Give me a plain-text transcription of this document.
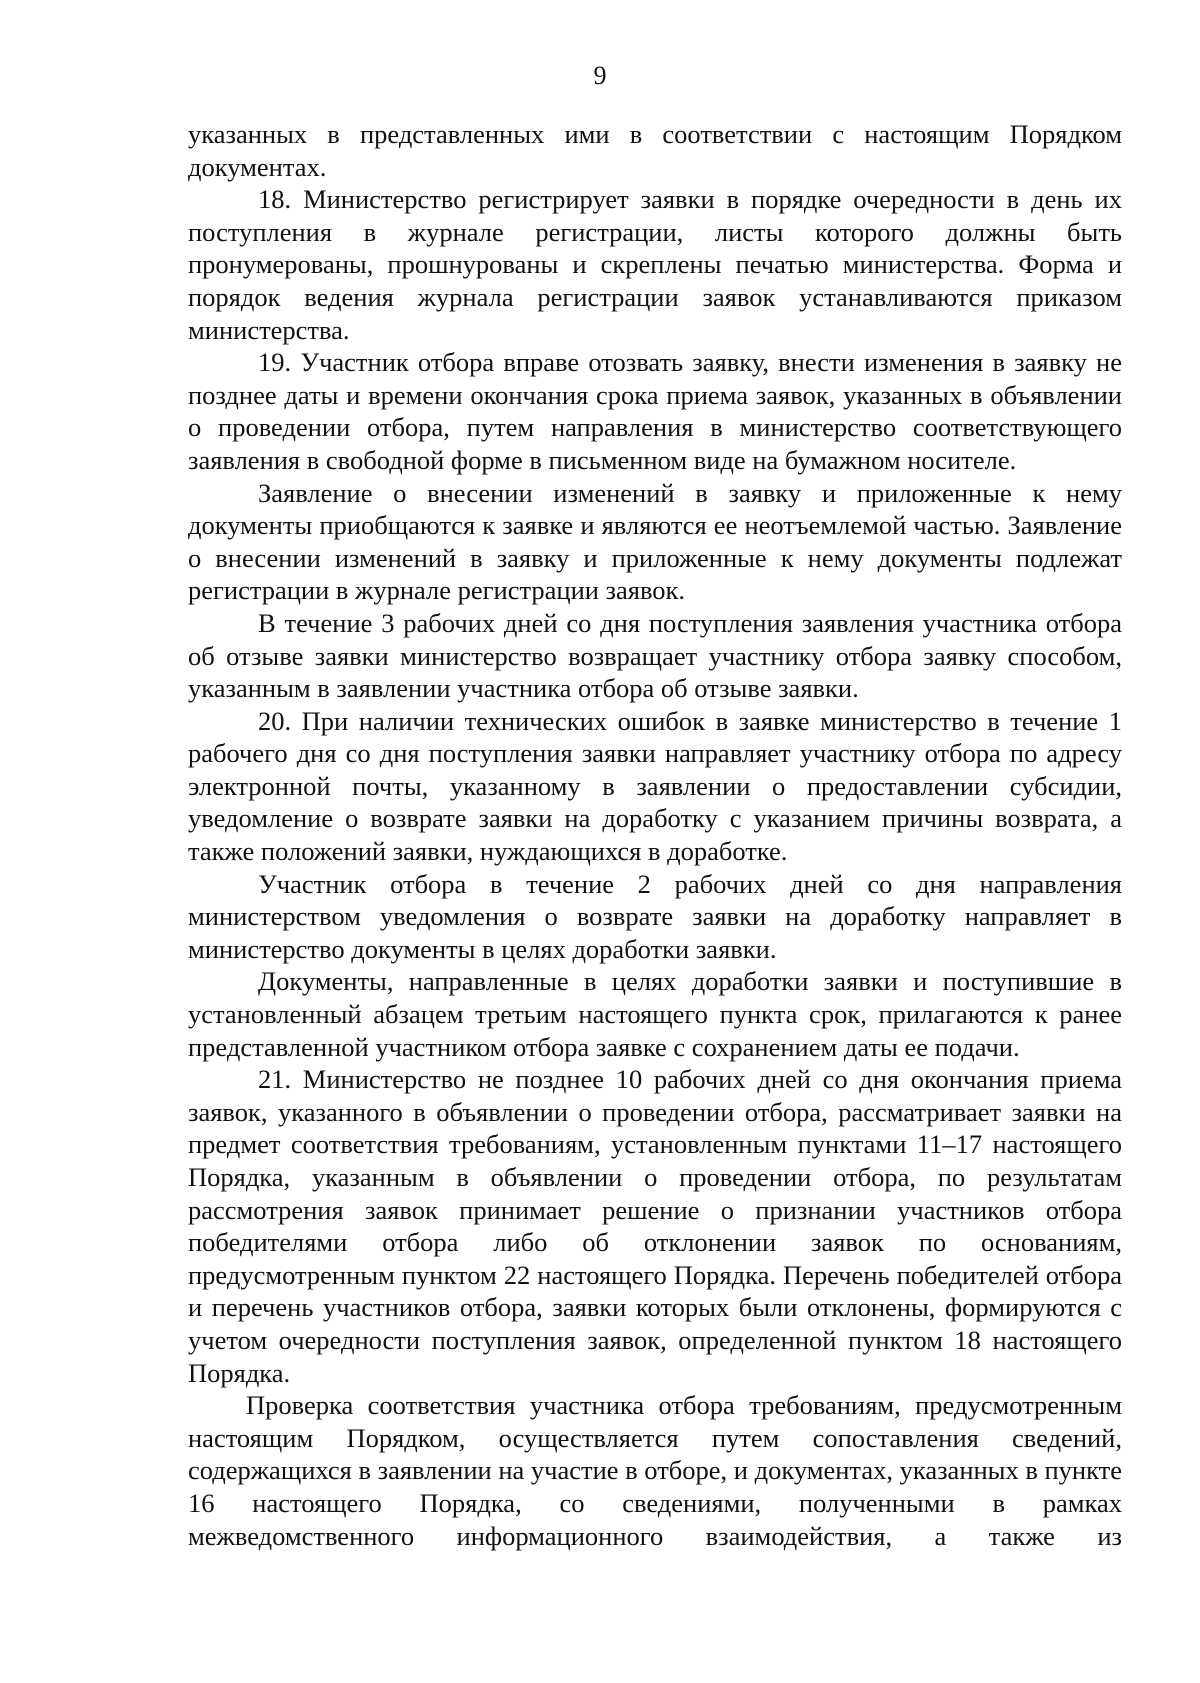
9

указанных в представленных ими в соответствии с настоящим Порядком документах.

18. Министерство регистрирует заявки в порядке очередности в день их поступления в журнале регистрации, листы которого должны быть пронумерованы, прошнурованы и скреплены печатью министерства. Форма и порядок ведения журнала регистрации заявок устанавливаются приказом министерства.

19. Участник отбора вправе отозвать заявку, внести изменения в заявку не позднее даты и времени окончания срока приема заявок, указанных в объявлении о проведении отбора, путем направления в министерство соответствующего заявления в свободной форме в письменном виде на бумажном носителе.

Заявление о внесении изменений в заявку и приложенные к нему документы приобщаются к заявке и являются ее неотъемлемой частью. Заявление о внесении изменений в заявку и приложенные к нему документы подлежат регистрации в журнале регистрации заявок.

В течение 3 рабочих дней со дня поступления заявления участника отбора об отзыве заявки министерство возвращает участнику отбора заявку способом, указанным в заявлении участника отбора об отзыве заявки.

20. При наличии технических ошибок в заявке министерство в течение 1 рабочего дня со дня поступления заявки направляет участнику отбора по адресу электронной почты, указанному в заявлении о предоставлении субсидии, уведомление о возврате заявки на доработку с указанием причины возврата, а также положений заявки, нуждающихся в доработке.

Участник отбора в течение 2 рабочих дней со дня направления министерством уведомления о возврате заявки на доработку направляет в министерство документы в целях доработки заявки.

Документы, направленные в целях доработки заявки и поступившие в установленный абзацем третьим настоящего пункта срок, прилагаются к ранее представленной участником отбора заявке с сохранением даты ее подачи.

21. Министерство не позднее 10 рабочих дней со дня окончания приема заявок, указанного в объявлении о проведении отбора, рассматривает заявки на предмет соответствия требованиям, установленным пунктами 11–17 настоящего Порядка, указанным в объявлении о проведении отбора, по результатам рассмотрения заявок принимает решение о признании участников отбора победителями отбора либо об отклонении заявок по основаниям, предусмотренным пунктом 22 настоящего Порядка. Перечень победителей отбора и перечень участников отбора, заявки которых были отклонены, формируются с учетом очередности поступления заявок, определенной пунктом 18 настоящего Порядка.

Проверка соответствия участника отбора требованиям, предусмотренным настоящим Порядком, осуществляется путем сопоставления сведений, содержащихся в заявлении на участие в отборе, и документах, указанных в пункте 16 настоящего Порядка, со сведениями, полученными в рамках межведомственного информационного взаимодействия, а также из
